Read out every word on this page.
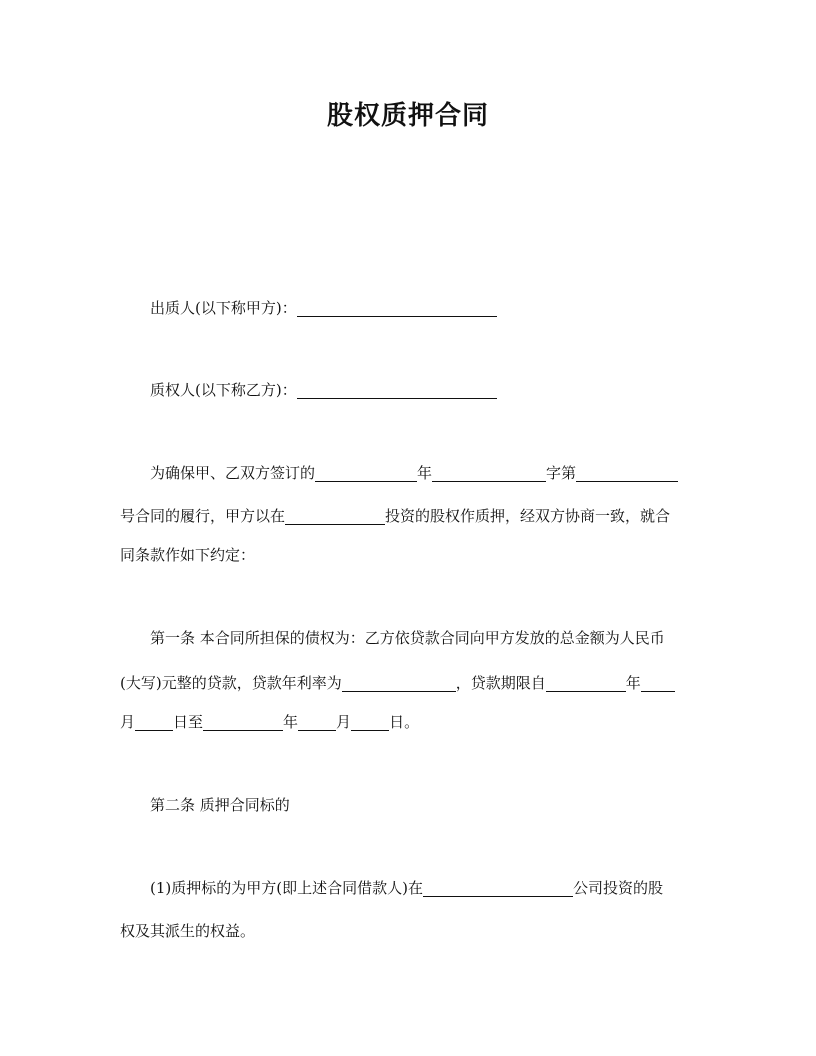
股权质押合同

出质人(以下称甲方)：

质权人(以下称乙方)：

为确保甲、乙双方签订的	年	字第

号合同的履行，甲方以在	投资的股权作质押，经双方协商一致，就合

同条款作如下约定：

第一条 本合同所担保的债权为：乙方依贷款合同向甲方发放的总金额为人民币

(大写)元整的贷款，贷款年利率为	，贷款期限自	年

月	日至	年	月	日。

第二条 质押合同标的

(1)质押标的为甲方(即上述合同借款人)在	公司投资的股

权及其派生的权益。
